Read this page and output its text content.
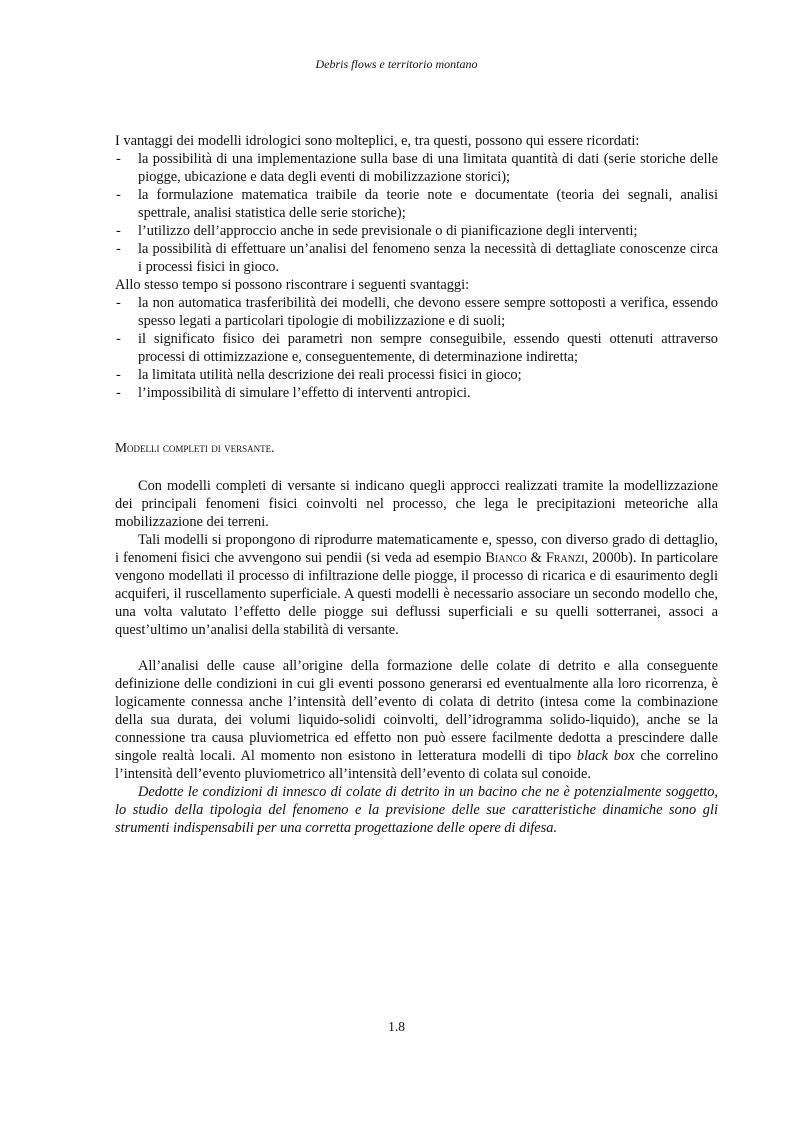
Debris flows e territorio montano

I vantaggi dei modelli idrologici sono molteplici, e, tra questi, possono qui essere ricordati:

- la possibilità di una implementazione sulla base di una limitata quantità di dati (serie storiche delle piogge, ubicazione e data degli eventi di mobilizzazione storici);
- la formulazione matematica traibile da teorie note e documentate (teoria dei segnali, analisi spettrale, analisi statistica delle serie storiche);
- l’utilizzo dell’approccio anche in sede previsionale o di pianificazione degli interventi;
- la possibilità di effettuare un’analisi del fenomeno senza la necessità di dettagliate conoscenze circa i processi fisici in gioco.

Allo stesso tempo si possono riscontrare i seguenti svantaggi:

- la non automatica trasferibilità dei modelli, che devono essere sempre sottoposti a verifica, essendo spesso legati a particolari tipologie di mobilizzazione e di suoli;
- il significato fisico dei parametri non sempre conseguibile, essendo questi ottenuti attraverso processi di ottimizzazione e, conseguentemente, di determinazione indiretta;
- la limitata utilità nella descrizione dei reali processi fisici in gioco;
- l’impossibilità di simulare l’effetto di interventi antropici.

Modelli completi di versante.

Con modelli completi di versante si indicano quegli approcci realizzati tramite la modellizzazione dei principali fenomeni fisici coinvolti nel processo, che lega le precipitazioni meteoriche alla mobilizzazione dei terreni.

Tali modelli si propongono di riprodurre matematicamente e, spesso, con diverso grado di dettaglio, i fenomeni fisici che avvengono sui pendii (si veda ad esempio Bianco & Franzi, 2000b). In particolare vengono modellati il processo di infiltrazione delle piogge, il processo di ricarica e di esaurimento degli acquiferi, il ruscellamento superficiale. A questi modelli è necessario associare un secondo modello che, una volta valutato l’effetto delle piogge sui deflussi superficiali e su quelli sotterranei, associ a quest’ultimo un’analisi della stabilità di versante.

All’analisi delle cause all’origine della formazione delle colate di detrito e alla conseguente definizione delle condizioni in cui gli eventi possono generarsi ed eventualmente alla loro ricorrenza, è logicamente connessa anche l’intensità dell’evento di colata di detrito (intesa come la combinazione della sua durata, dei volumi liquido-solidi coinvolti, dell’idrogramma solido-liquido), anche se la connessione tra causa pluviometrica ed effetto non può essere facilmente dedotta a prescindere dalle singole realtà locali. Al momento non esistono in letteratura modelli di tipo black box che correlino l’intensità dell’evento pluviometrico all’intensità dell’evento di colata sul conoide.

Dedotte le condizioni di innesco di colate di detrito in un bacino che ne è potenzialmente soggetto, lo studio della tipologia del fenomeno e la previsione delle sue caratteristiche dinamiche sono gli strumenti indispensabili per una corretta progettazione delle opere di difesa.

1.8
